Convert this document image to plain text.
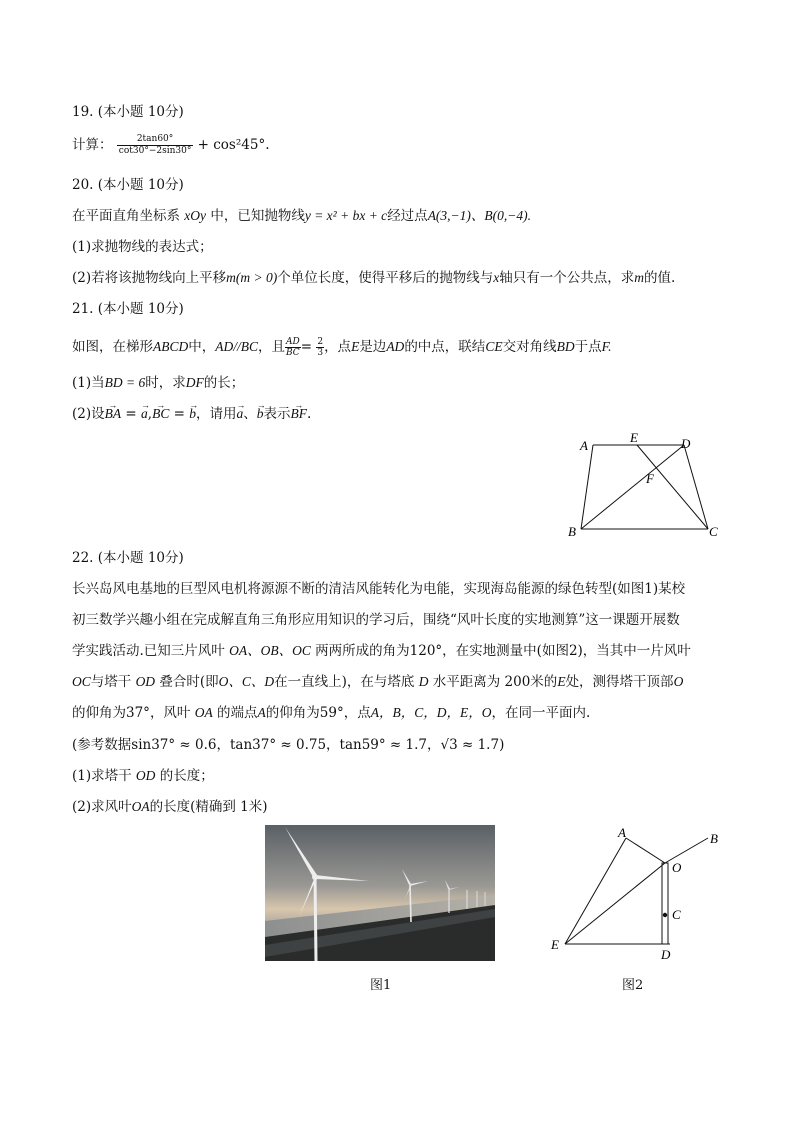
19. (本小题 10分)
计算： $\frac{2\tan 60^\circ}{\cot 30^\circ-2\sin 30^\circ} + \cos^245^\circ$.
20. (本小题 10分)
在平面直角坐标系 xOy 中，已知抛物线y = x² + bx + c经过点A(3,−1)、B(0,−4).
(1)求抛物线的表达式；
(2)若将该抛物线向上平移m(m > 0)个单位长度，使得平移后的抛物线与x轴只有一个公共点，求m的值.
21. (本小题 10分)
如图，在梯形ABCD中，AD//BC，且 $\frac{AD}{BC} = \frac{2}{3}$ ，点E是边AD的中点，联结CE交对角线BD于点F.
(1)当BD = 6时，求DF的长；
(2)设→ BA = → a,→ BC = → b，请用→ a、→ b表示→ BF.
A
E	D
F
B	C
22. (本小题 10分)
长兴岛风电基地的巨型风电机将源源不断的清洁风能转化为电能，实现海岛能源的绿色转型(如图1)某校
初三数学兴趣小组在完成解直角三角形应用知识的学习后，围绕“风叶长度的实地测算”这一课题开展数
学实践活动.已知三片风叶 OA、OB、OC 两两所成的角为120°，在实地测量中(如图2)，当其中一片风叶
OC与塔干 OD 叠合时(即O、C、D在一直线上)，在与塔底 D 水平距离为 200米的E处，测得塔干顶部O
的仰角为37°，风叶 OA 的端点A的仰角为59°，点A，B，C，D，E，O，在同一平面内.
(参考数据sin37° ≈ 0.6，tan37° ≈ 0.75，tan59° ≈ 1.7，√3 ≈ 1.7)
(1)求塔干 OD 的长度；
(2)求风叶OA的长度(精确到 1米)
图1
A	B
O
C
E
D
图2
